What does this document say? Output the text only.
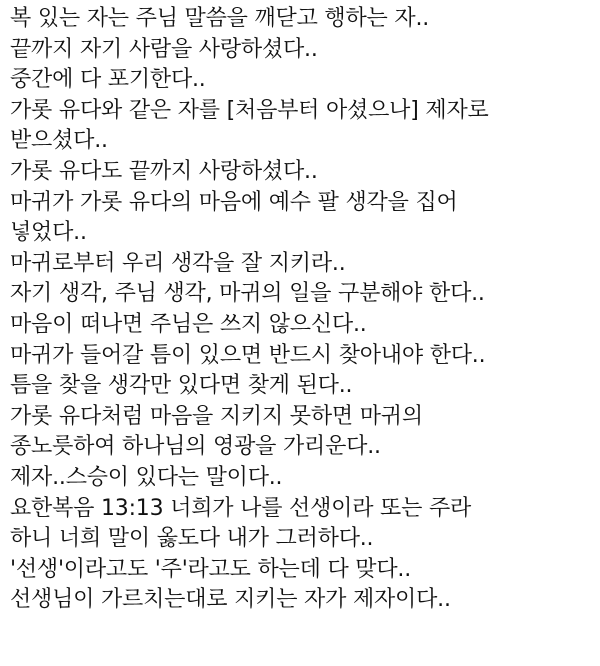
복 있는 자는 주님 말씀을 깨닫고 행하는 자..
끝까지 자기 사람을 사랑하셨다..
중간에 다 포기한다..
가롯 유다와 같은 자를 [처음부터 아셨으나] 제자로
받으셨다..
가롯 유다도 끝까지 사랑하셨다..
마귀가 가롯 유다의 마음에 예수 팔 생각을 집어
넣었다..
마귀로부터 우리 생각을 잘 지키라..
자기 생각, 주님 생각, 마귀의 일을 구분해야 한다..
마음이 떠나면 주님은 쓰지 않으신다..
마귀가 들어갈 틈이 있으면 반드시 찾아내야 한다..
틈을 찾을 생각만 있다면 찾게 된다..
가롯 유다처럼 마음을 지키지 못하면 마귀의
종노릇하여 하나님의 영광을 가리운다..
제자..스승이 있다는 말이다..
요한복음 13:13 너희가 나를 선생이라 또는 주라
하니 너희 말이 옳도다 내가 그러하다..
'선생'이라고도 '주'라고도 하는데 다 맞다..
선생님이 가르치는대로 지키는 자가 제자이다..
